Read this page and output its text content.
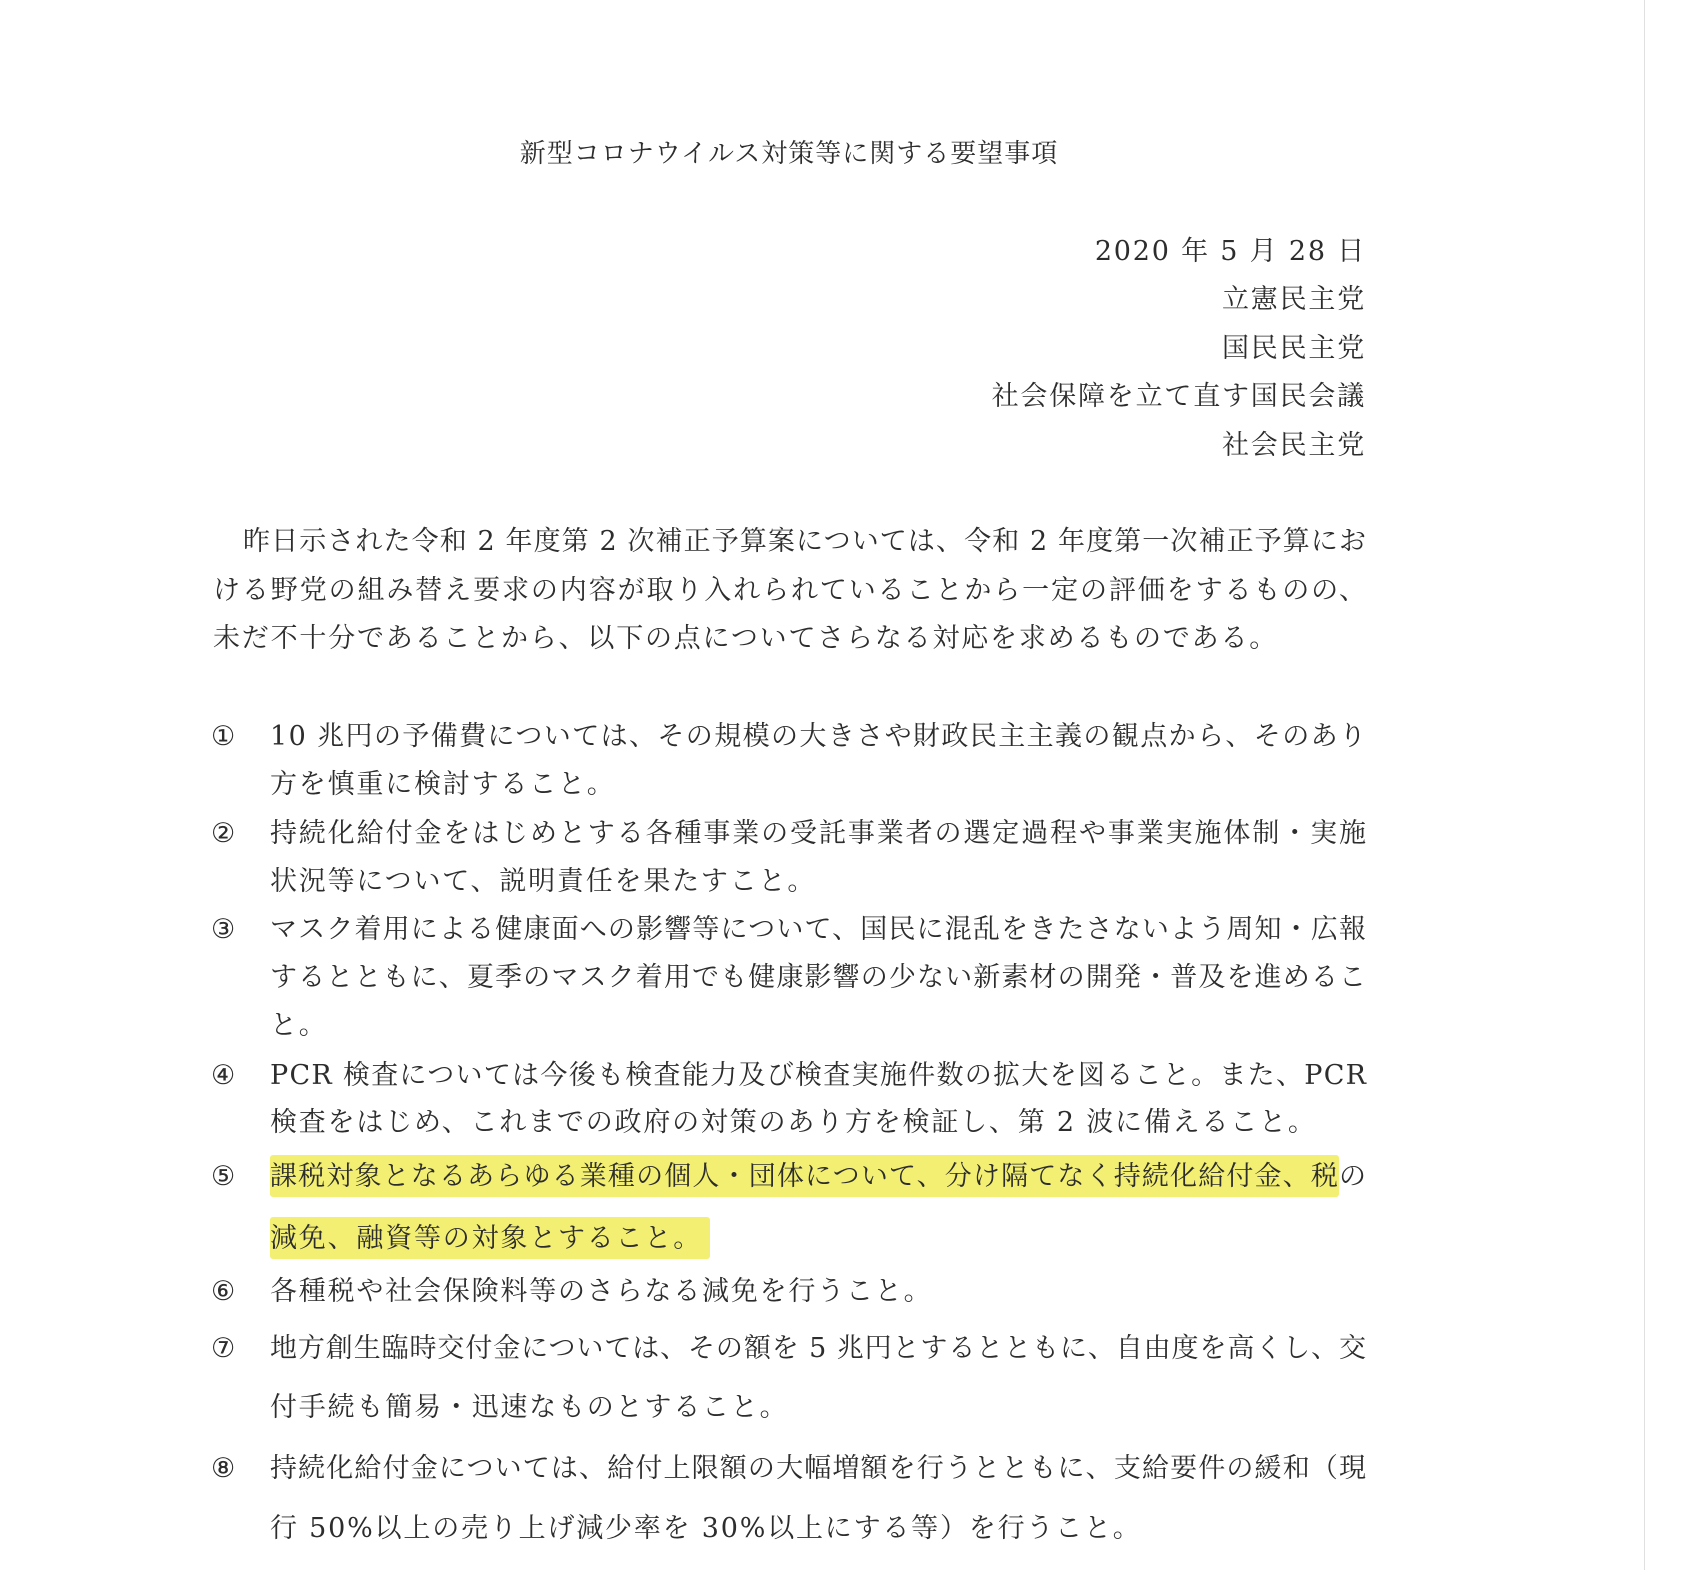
新型コロナウイルス対策等に関する要望事項
2020 年 5 月 28 日
立憲民主党
国民民主党
社会保障を立て直す国民会議
社会民主党
昨日示された令和 2 年度第 2 次補正予算案については、令和 2 年度第一次補正予算にお
ける野党の組み替え要求の内容が取り入れられていることから一定の評価をするものの、
未だ不十分であることから、以下の点についてさらなる対応を求めるものである。
① 10 兆円の予備費については、その規模の大きさや財政民主主義の観点から、そのあり
方を慎重に検討すること。
② 持続化給付金をはじめとする各種事業の受託事業者の選定過程や事業実施体制・実施
状況等について、説明責任を果たすこと。
③ マスク着用による健康面への影響等について、国民に混乱をきたさないよう周知・広報
するとともに、夏季のマスク着用でも健康影響の少ない新素材の開発・普及を進めるこ
と。
④ PCR 検査については今後も検査能力及び検査実施件数の拡大を図ること。また、PCR
検査をはじめ、これまでの政府の対策のあり方を検証し、第 2 波に備えること。
⑤ 課税対象となるあらゆる業種の個人・団体について、分け隔てなく持続化給付金、税の
減免、融資等の対象とすること。
⑥ 各種税や社会保険料等のさらなる減免を行うこと。
⑦ 地方創生臨時交付金については、その額を 5 兆円とするとともに、自由度を高くし、交
付手続も簡易・迅速なものとすること。
⑧ 持続化給付金については、給付上限額の大幅増額を行うとともに、支給要件の緩和（現
行 50%以上の売り上げ減少率を 30%以上にする等）を行うこと。
